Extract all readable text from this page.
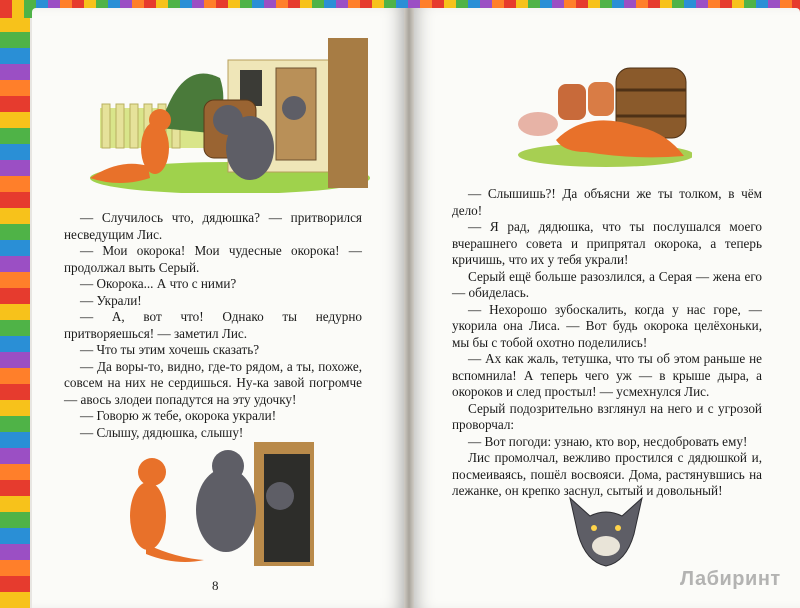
— Случилось что, дядюшка? — притворился несведущим Лис.

— Мои окорока! Мои чудесные окорока! — продолжал выть Серый.

— Окорока... А что с ними?

— Украли!

— А, вот что! Однако ты недурно притворяешься! — заметил Лис.

— Что ты этим хочешь сказать?

— Да воры-то, видно, где-то рядом, а ты, похоже, совсем на них не сердишься. Ну-ка завой погромче — авось злодеи попадутся на эту удочку!

— Говорю ж тебе, окорока украли!

— Слышу, дядюшка, слышу!

— Слышишь?! Да объясни же ты толком, в чём дело!

— Я рад, дядюшка, что ты послушался моего вчерашнего совета и припрятал окорока, а теперь кричишь, что их у тебя украли!

Серый ещё больше разозлился, а Серая — жена его — обиделась.

— Нехорошо зубоскалить, когда у нас горе, — укорила она Лиса. — Вот будь окорока целёхоньки, мы бы с тобой охотно поделились!

— Ах как жаль, тетушка, что ты об этом раньше не вспомнила! А теперь чего уж — в крыше дыра, а окороков и след простыл! — усмехнулся Лис.

Серый подозрительно взглянул на него и с угрозой проворчал:

— Вот погоди: узнаю, кто вор, несдобровать ему!

Лис промолчал, вежливо простился с дядюшкой и, посмеиваясь, пошёл восвояси. Дома, растянувшись на лежанке, он крепко заснул, сытый и довольный!

8	Лабиринт
